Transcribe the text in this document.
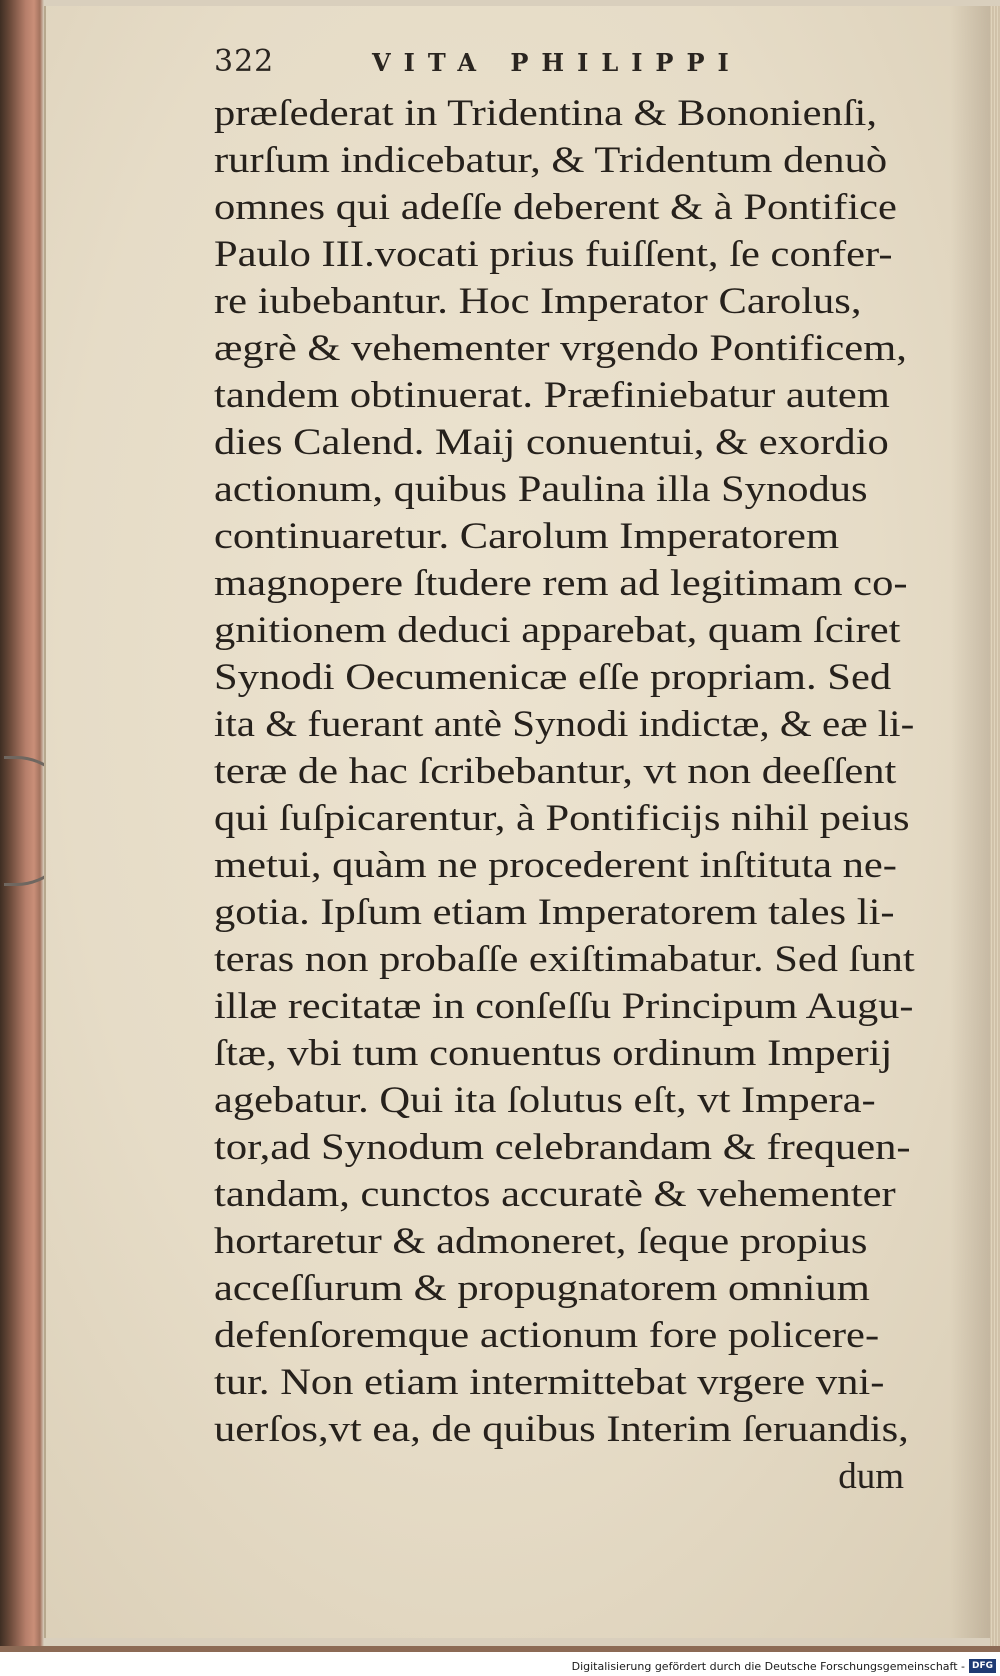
322	VITA PHILIPPI
præſederat in Tridentina & Bononienſi,
rurſum indicebatur, & Tridentum denuò
omnes qui adeſſe deberent & à Pontifice
Paulo III.vocati prius fuiſſent, ſe confer-
re iubebantur. Hoc Imperator Carolus,
ægrè & vehementer vrgendo Pontificem,
tandem obtinuerat. Præfiniebatur autem
dies Calend. Maij conuentui, & exordio
actionum, quibus Paulina illa Synodus
continuaretur. Carolum Imperatorem
magnopere ſtudere rem ad legitimam co-
gnitionem deduci apparebat, quam ſciret
Synodi Oecumenicæ eſſe propriam. Sed
ita & fuerant antè Synodi indictæ, & eæ li-
teræ de hac ſcribebantur, vt non deeſſent
qui ſuſpicarentur, à Pontificijs nihil peius
metui, quàm ne procederent inſtituta ne-
gotia. Ipſum etiam Imperatorem tales li-
teras non probaſſe exiſtimabatur. Sed ſunt
illæ recitatæ in conſeſſu Principum Augu-
ſtæ, vbi tum conuentus ordinum Imperij
agebatur. Qui ita ſolutus eſt, vt Impera-
tor,ad Synodum celebrandam & frequen-
tandam, cunctos accuratè & vehementer
hortaretur & admoneret, ſeque propius
acceſſurum & propugnatorem omnium
defenſoremque actionum fore policere-
tur. Non etiam intermittebat vrgere vni-
uerſos,vt ea, de quibus Interim ſeruandis,
dum
Digitalisierung gefördert durch die Deutsche Forschungsgemeinschaft - DFG
